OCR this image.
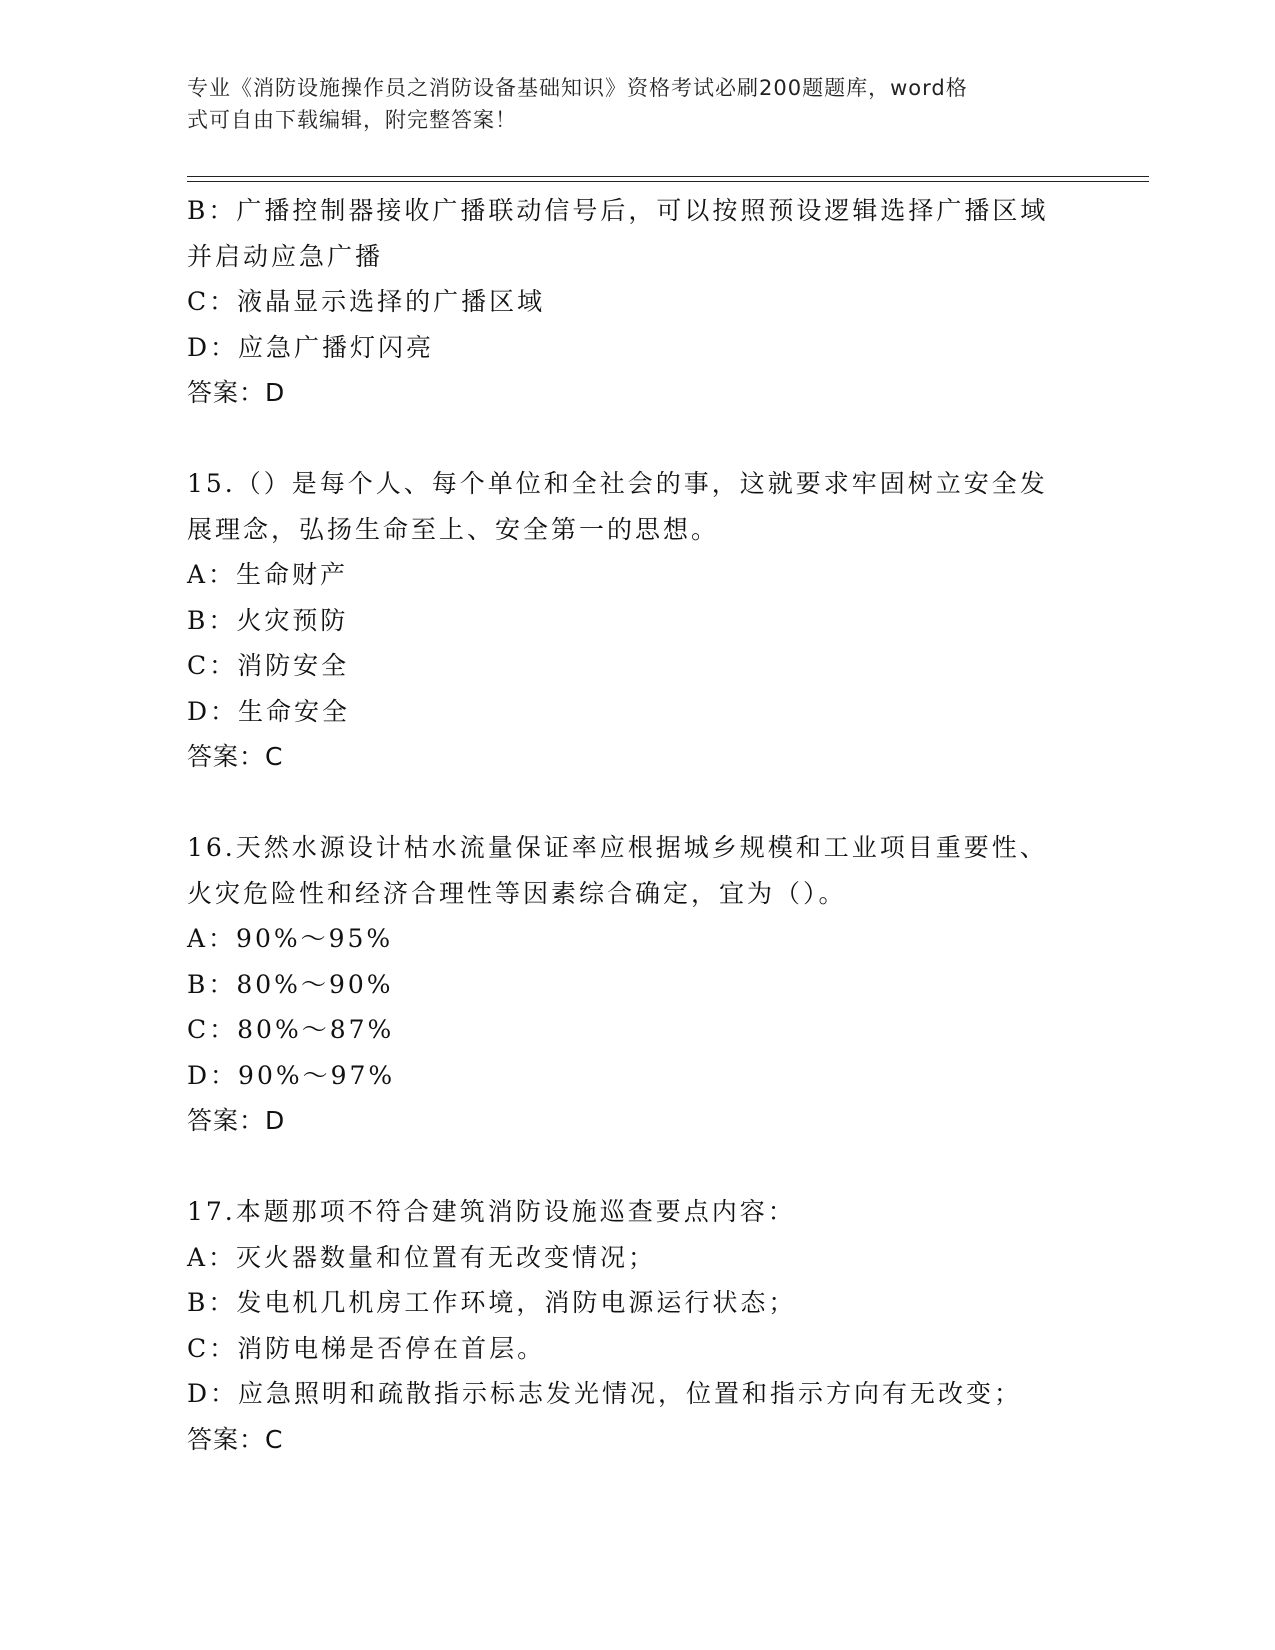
专业《消防设施操作员之消防设备基础知识》资格考试必刷200题题库，word格
式可自由下载编辑，附完整答案！
B：广播控制器接收广播联动信号后，可以按照预设逻辑选择广播区域
并启动应急广播
C：液晶显示选择的广播区域
D：应急广播灯闪亮
答案：D
15.（）是每个人、每个单位和全社会的事，这就要求牢固树立安全发
展理念，弘扬生命至上、安全第一的思想。
A：生命财产
B：火灾预防
C：消防安全
D：生命安全
答案：C
16.天然水源设计枯水流量保证率应根据城乡规模和工业项目重要性、
火灾危险性和经济合理性等因素综合确定，宜为（）。
A：90%～95%
B：80%～90%
C：80%～87%
D：90%～97%
答案：D
17.本题那项不符合建筑消防设施巡查要点内容：
A：灭火器数量和位置有无改变情况；
B：发电机几机房工作环境，消防电源运行状态；
C：消防电梯是否停在首层。
D：应急照明和疏散指示标志发光情况，位置和指示方向有无改变；
答案：C
